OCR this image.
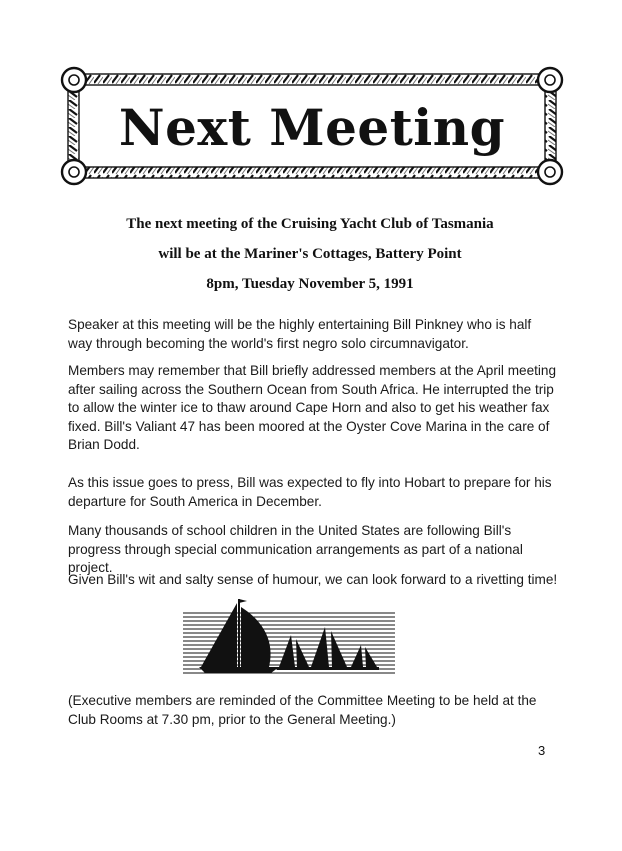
Next Meeting
The next meeting of the Cruising Yacht Club of Tasmania
will be at the Mariner's Cottages, Battery Point
8pm, Tuesday November 5, 1991

Speaker at this meeting will be the highly entertaining Bill Pinkney who is half way through becoming the world's first negro solo circumnavigator.

Members may remember that Bill briefly addressed members at the April meeting after sailing across the Southern Ocean from South Africa. He interrupted the trip to allow the winter ice to thaw around Cape Horn and also to get his weather fax fixed. Bill's Valiant 47 has been moored at the Oyster Cove Marina in the care of Brian Dodd.

As this issue goes to press, Bill was expected to fly into Hobart to prepare for his departure for South America in December.

Many thousands of school children in the United States are following Bill's progress through special communication arrangements as part of a national project.

Given Bill's wit and salty sense of humour, we can look forward to a rivetting time!

(Executive members are reminded of the Committee Meeting to be held at the Club Rooms at 7.30 pm, prior to the General Meeting.)

3
